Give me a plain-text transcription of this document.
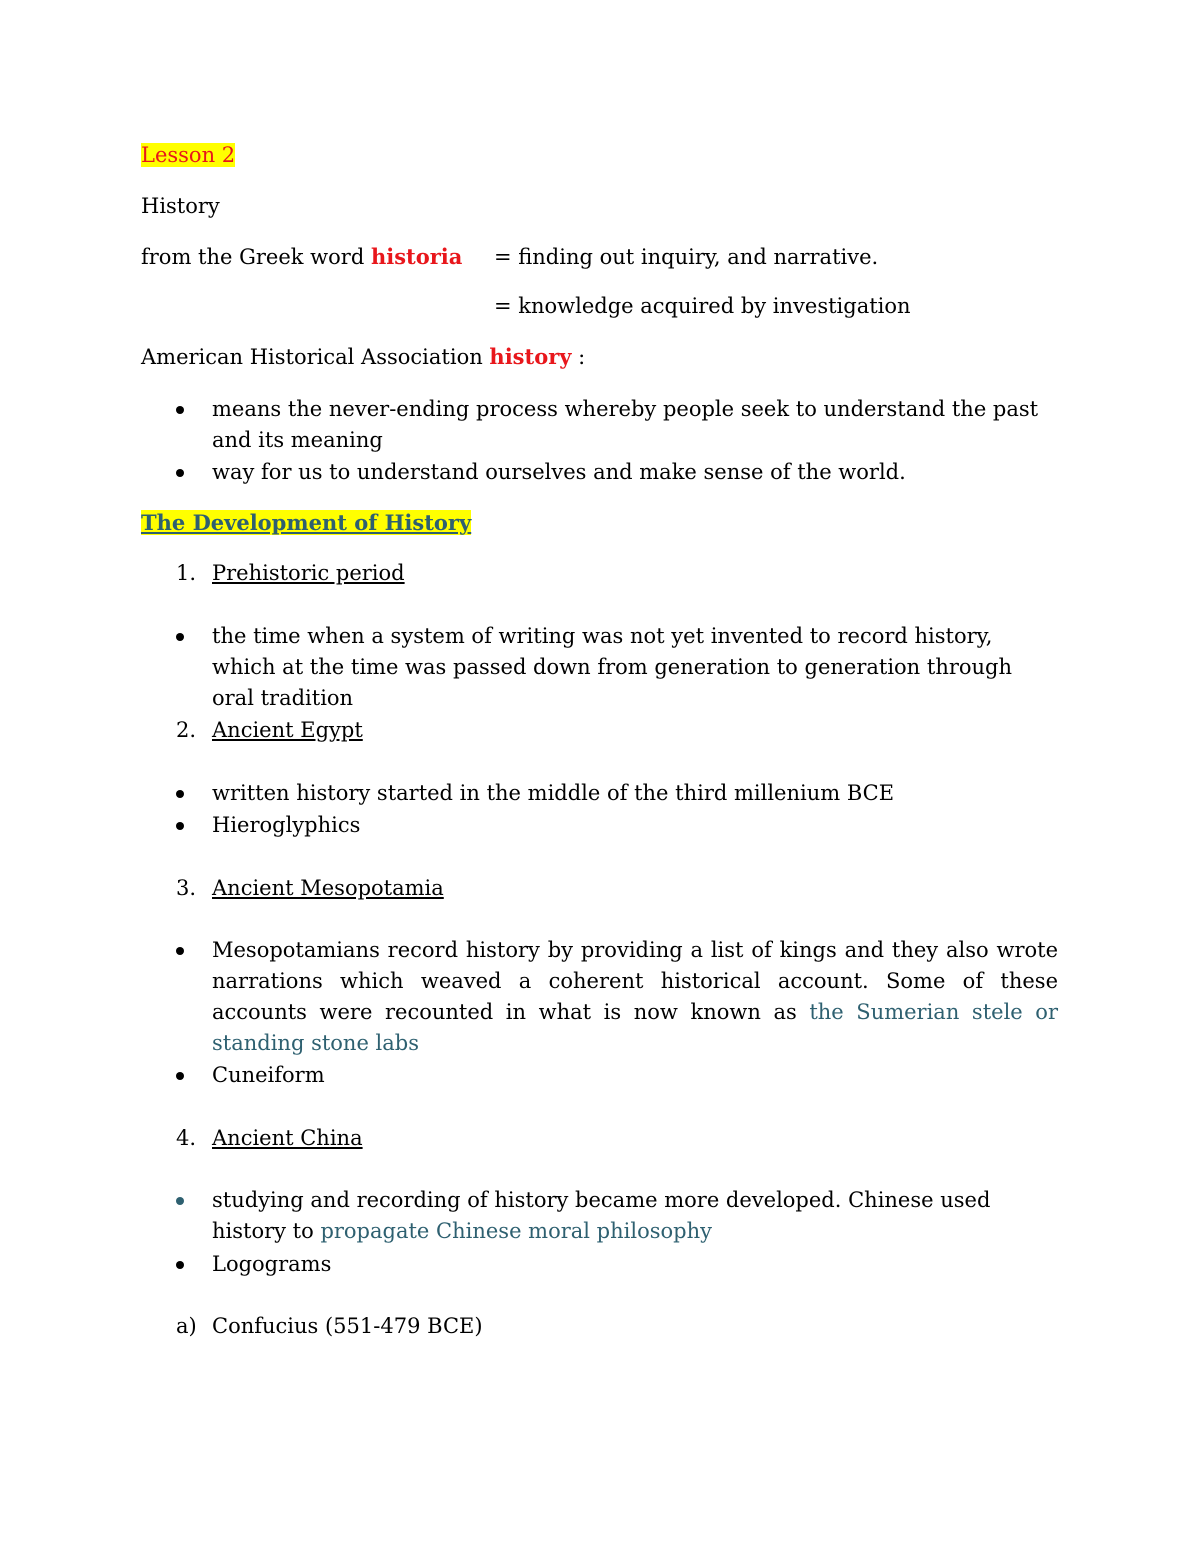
Lesson 2
History
from the Greek word historia = finding out inquiry, and narrative.
= knowledge acquired by investigation
American Historical Association history :
means the never-ending process whereby people seek to understand the past and its meaning
way for us to understand ourselves and make sense of the world.
The Development of History
1. Prehistoric period
the time when a system of writing was not yet invented to record history, which at the time was passed down from generation to generation through oral tradition
2. Ancient Egypt
written history started in the middle of the third millenium BCE
Hieroglyphics
3. Ancient Mesopotamia
Mesopotamians record history by providing a list of kings and they also wrote narrations which weaved a coherent historical account. Some of these accounts were recounted in what is now known as the Sumerian stele or standing stone labs
Cuneiform
4. Ancient China
studying and recording of history became more developed. Chinese used history to propagate Chinese moral philosophy
Logograms
a) Confucius (551-479 BCE)
